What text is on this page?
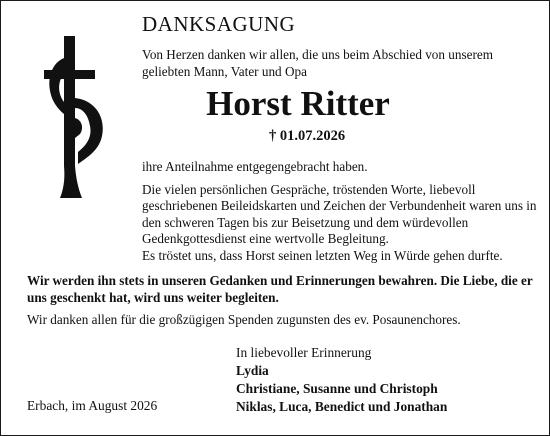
DANKSAGUNG
Von Herzen danken wir allen, die uns beim Abschied von unserem geliebten Mann, Vater und Opa
Horst Ritter
† 01.07.2026
ihre Anteilnahme entgegengebracht haben.
Die vielen persönlichen Gespräche, tröstenden Worte, liebevoll
geschriebenen Beileidskarten und Zeichen der Verbundenheit waren uns in
den schweren Tagen bis zur Beisetzung und dem würdevollen
Gedenkgottesdienst eine wertvolle Begleitung.
Es tröstet uns, dass Horst seinen letzten Weg in Würde gehen durfte.
Wir werden ihn stets in unseren Gedanken und Erinnerungen bewahren. Die Liebe, die er
uns geschenkt hat, wird uns weiter begleiten.
Wir danken allen für die großzügigen Spenden zugunsten des ev. Posaunenchores.
In liebevoller Erinnerung
Lydia
Christiane, Susanne und Christoph
Niklas, Luca, Benedict und Jonathan
Erbach, im August 2026
